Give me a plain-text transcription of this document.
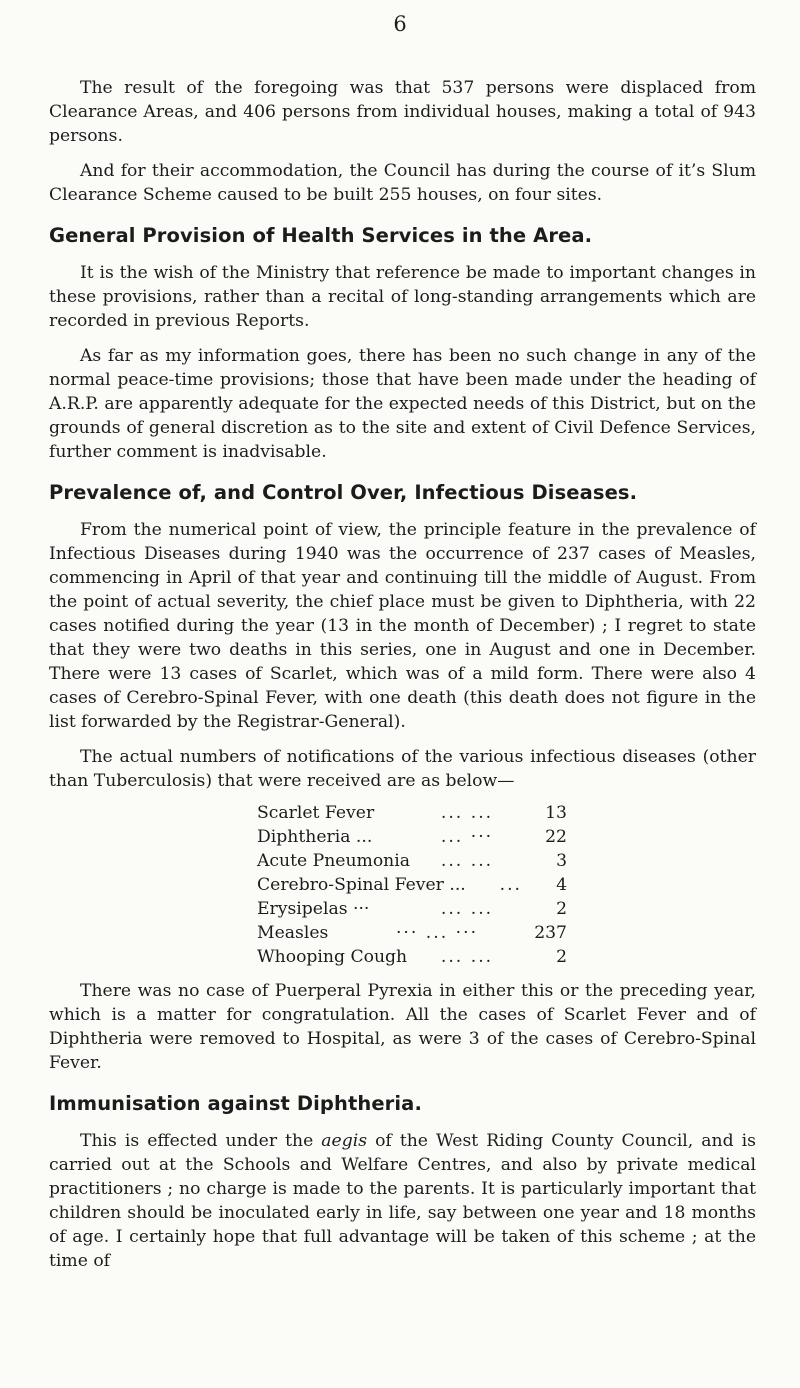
6

The result of the foregoing was that 537 persons were displaced from Clearance Areas, and 406 persons from individual houses, making a total of 943 persons.

And for their accommodation, the Council has during the course of it’s Slum Clearance Scheme caused to be built 255 houses, on four sites.

General Provision of Health Services in the Area.

It is the wish of the Ministry that reference be made to important changes in these provisions, rather than a recital of long-standing arrangements which are recorded in previous Reports.

As far as my information goes, there has been no such change in any of the normal peace-time provisions; those that have been made under the heading of A.R.P. are apparently adequate for the expected needs of this District, but on the grounds of general discretion as to the site and extent of Civil Defence Services, further comment is inadvisable.

Prevalence of, and Control Over, Infectious Diseases.

From the numerical point of view, the principle feature in the prevalence of Infectious Diseases during 1940 was the occurrence of 237 cases of Measles, commencing in April of that year and continuing till the middle of August. From the point of actual severity, the chief place must be given to Diphtheria, with 22 cases notified during the year (13 in the month of December) ; I regret to state that they were two deaths in this series, one in August and one in December. There were 13 cases of Scarlet, which was of a mild form. There were also 4 cases of Cerebro-Spinal Fever, with one death (this death does not figure in the list forwarded by the Registrar-General).

The actual numbers of notifications of the various infectious diseases (other than Tuberculosis) that were received are as below—

Scarlet Fever	... ...	13
Diphtheria ...	... ···	22
Acute Pneumonia	... ...	3
Cerebro-Spinal Fever ...	...	4
Erysipelas ···	... ...	2
Measles	··· ... ···	237
Whooping Cough	... ...	2

There was no case of Puerperal Pyrexia in either this or the preceding year, which is a matter for congratulation. All the cases of Scarlet Fever and of Diphtheria were removed to Hospital, as were 3 of the cases of Cerebro-Spinal Fever.

Immunisation against Diphtheria.

This is effected under the aegis of the West Riding County Council, and is carried out at the Schools and Welfare Centres, and also by private medical practitioners ; no charge is made to the parents. It is particularly important that children should be inoculated early in life, say between one year and 18 months of age. I certainly hope that full advantage will be taken of this scheme ; at the time of
